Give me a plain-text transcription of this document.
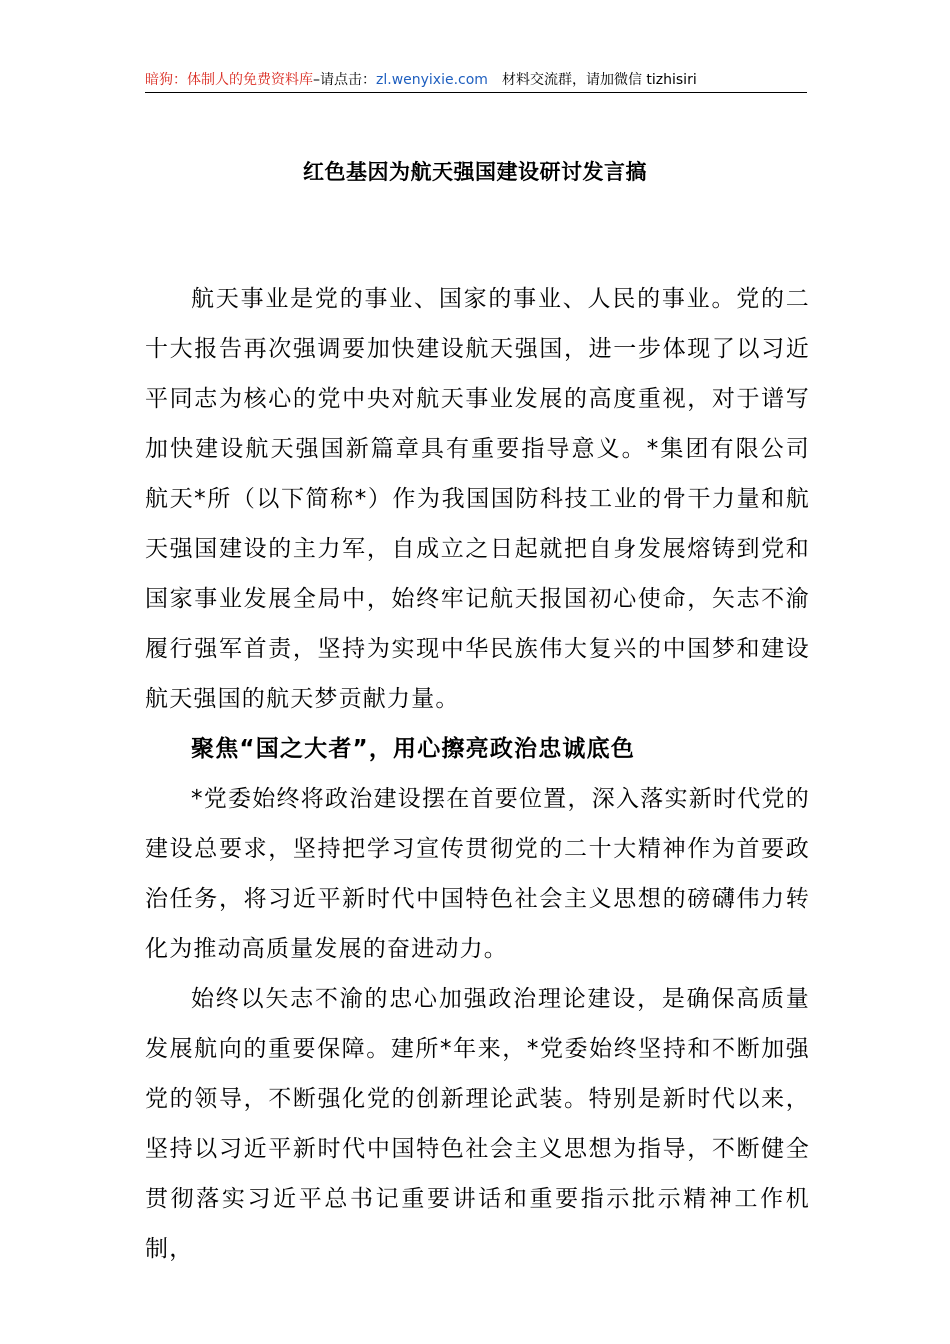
暗狗：体制人的免费资料库–请点击：zl.wenyixie.com 材料交流群，请加微信 tizhisiri
红色基因为航天强国建设研讨发言搞

航天事业是党的事业、国家的事业、人民的事业。党的二十大报告再次强调要加快建设航天强国，进一步体现了以习近平同志为核心的党中央对航天事业发展的高度重视，对于谱写加快建设航天强国新篇章具有重要指导意义。*集团有限公司航天*所（以下简称*）作为我国国防科技工业的骨干力量和航天强国建设的主力军，自成立之日起就把自身发展熔铸到党和国家事业发展全局中，始终牢记航天报国初心使命，矢志不渝履行强军首责，坚持为实现中华民族伟大复兴的中国梦和建设航天强国的航天梦贡献力量。

聚焦“国之大者”，用心擦亮政治忠诚底色

*党委始终将政治建设摆在首要位置，深入落实新时代党的建设总要求，坚持把学习宣传贯彻党的二十大精神作为首要政治任务，将习近平新时代中国特色社会主义思想的磅礴伟力转化为推动高质量发展的奋进动力。

始终以矢志不渝的忠心加强政治理论建设，是确保高质量发展航向的重要保障。建所*年来，*党委始终坚持和不断加强党的领导，不断强化党的创新理论武装。特别是新时代以来，坚持以习近平新时代中国特色社会主义思想为指导，不断健全贯彻落实习近平总书记重要讲话和重要指示批示精神工作机制，
